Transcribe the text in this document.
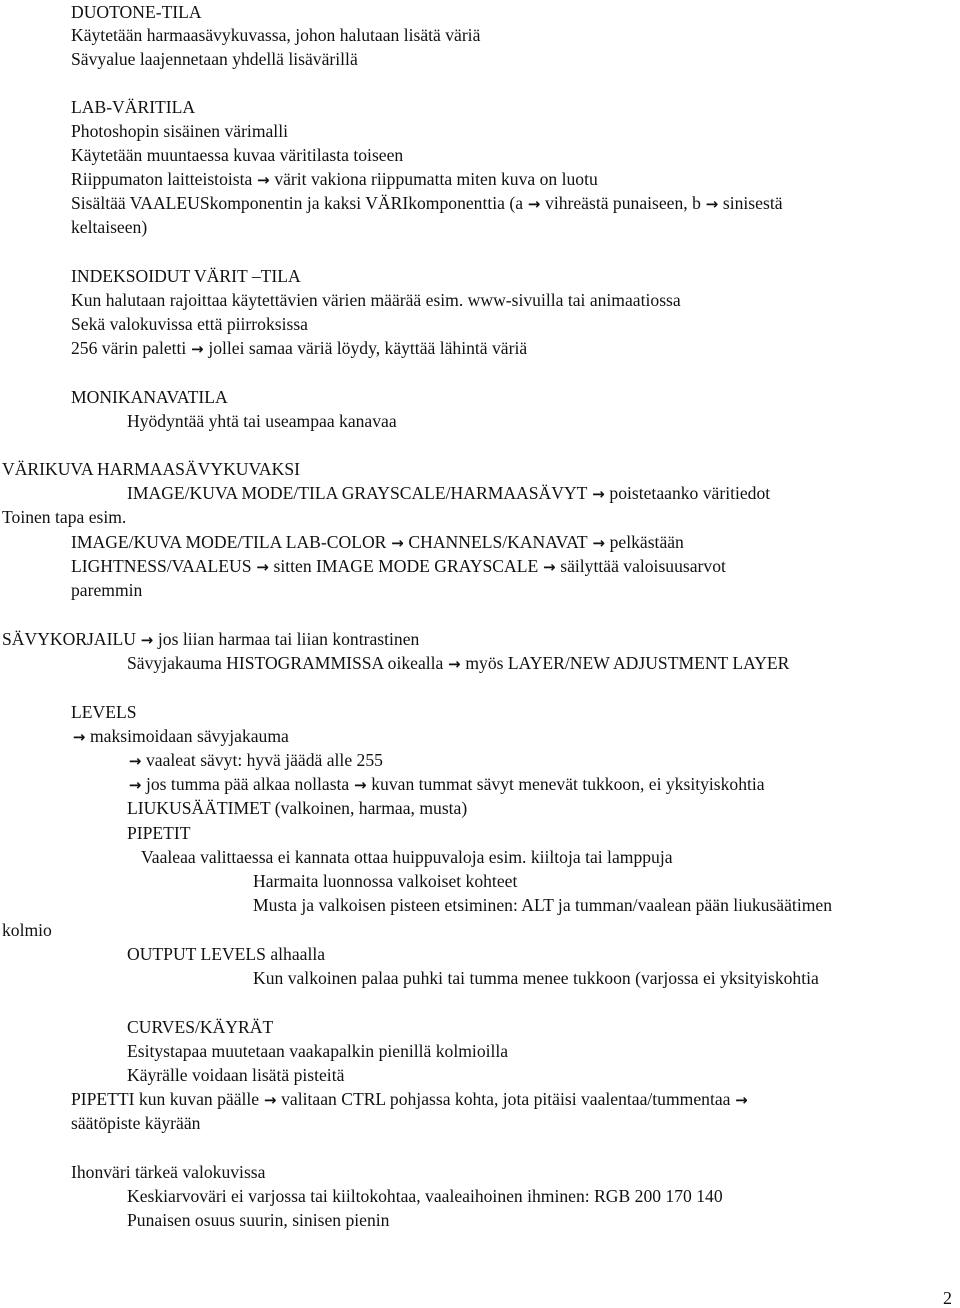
DUOTONE-TILA
Käytetään harmaasävykuvassa, johon halutaan lisätä väriä
Sävyalue laajennetaan yhdellä lisävärillä
LAB-VÄRITILA
Photoshopin sisäinen värimalli
Käytetään muuntaessa kuvaa väritilasta toiseen
Riippumaton laitteistoista → värit vakiona riippumatta miten kuva on luotu
Sisältää VAALEUSkomponentin ja kaksi VÄRIkomponenttia (a → vihreästä punaiseen, b → sinisestä
keltaiseen)
INDEKSOIDUT VÄRIT –TILA
Kun halutaan rajoittaa käytettävien värien määrää esim. www-sivuilla tai animaatiossa
Sekä valokuvissa että piirroksissa
256 värin paletti → jollei samaa väriä löydy, käyttää lähintä väriä
MONIKANAVATILA
Hyödyntää yhtä tai useampaa kanavaa
VÄRIKUVA HARMAASÄVYKUVAKSI
IMAGE/KUVA MODE/TILA GRAYSCALE/HARMAASÄVYT → poistetaanko väritiedot
Toinen tapa esim.
IMAGE/KUVA MODE/TILA LAB-COLOR → CHANNELS/KANAVAT → pelkästään
LIGHTNESS/VAALEUS → sitten IMAGE MODE GRAYSCALE → säilyttää valoisuusarvot
paremmin
SÄVYKORJAILU → jos liian harmaa tai liian kontrastinen
Sävyjakauma HISTOGRAMMISSA oikealla → myös LAYER/NEW ADJUSTMENT LAYER
LEVELS
→ maksimoidaan sävyjakauma
→ vaaleat sävyt: hyvä jäädä alle 255
→ jos tumma pää alkaa nollasta → kuvan tummat sävyt menevät tukkoon, ei yksityiskohtia
LIUKUSÄÄTIMET (valkoinen, harmaa, musta)
PIPETIT
Vaaleaa valittaessa ei kannata ottaa huippuvaloja esim. kiiltoja tai lamppuja
Harmaita luonnossa valkoiset kohteet
Musta ja valkoisen pisteen etsiminen: ALT ja tumman/vaalean pään liukusäätimen
kolmio
OUTPUT LEVELS alhaalla
Kun valkoinen palaa puhki tai tumma menee tukkoon (varjossa ei yksityiskohtia
CURVES/KÄYRÄT
Esitystapaa muutetaan vaakapalkin pienillä kolmioilla
Käyrälle voidaan lisätä pisteitä
PIPETTI kun kuvan päälle → valitaan CTRL pohjassa kohta, jota pitäisi vaalentaa/tummentaa →
säätöpiste käyrään
Ihonväri tärkeä valokuvissa
Keskiarvoväri ei varjossa tai kiiltokohtaa, vaaleaihoinen ihminen: RGB 200 170 140
Punaisen osuus suurin, sinisen pienin
2
